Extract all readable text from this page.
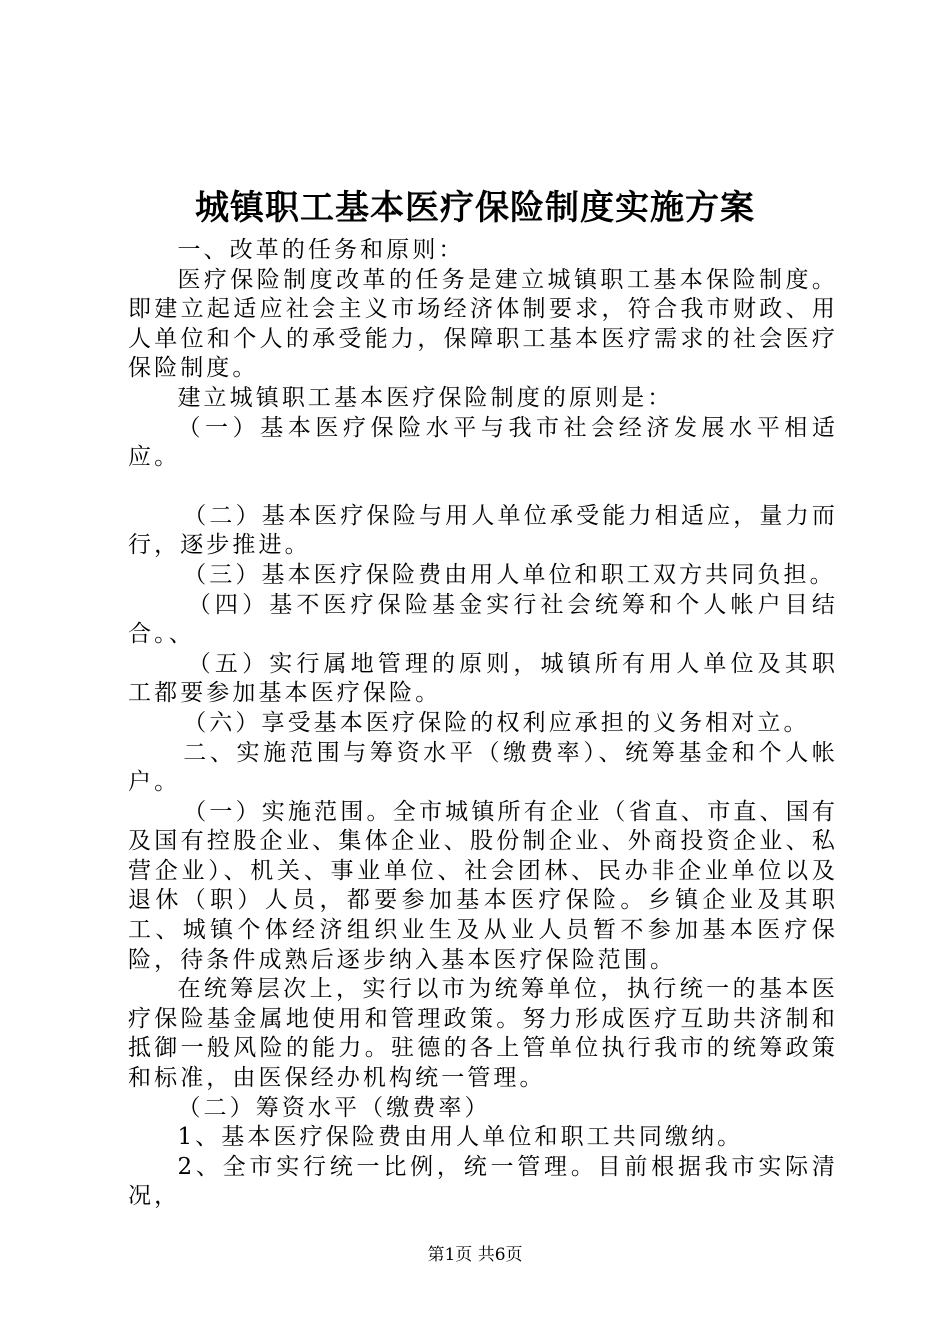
城镇职工基本医疗保险制度实施方案

一、改革的任务和原则：

医疗保险制度改革的任务是建立城镇职工基本保险制度。即建立起适应社会主义市场经济体制要求，符合我市财政、用人单位和个人的承受能力，保障职工基本医疗需求的社会医疗保险制度。

建立城镇职工基本医疗保险制度的原则是：

（一）基本医疗保险水平与我市社会经济发展水平相适应。

（二）基本医疗保险与用人单位承受能力相适应，量力而行，逐步推进。

（三）基本医疗保险费由用人单位和职工双方共同负担。

（四）基不医疗保险基金实行社会统筹和个人帐户目结合。、

（五）实行属地管理的原则，城镇所有用人单位及其职工都要参加基本医疗保险。

（六）享受基本医疗保险的权利应承担的义务相对立。

二、实施范围与筹资水平（缴费率）、统筹基金和个人帐户。

（一）实施范围。全市城镇所有企业（省直、市直、国有及国有控股企业、集体企业、股份制企业、外商投资企业、私营企业）、机关、事业单位、社会团林、民办非企业单位以及退休（职）人员，都要参加基本医疗保险。乡镇企业及其职工、城镇个体经济组织业生及从业人员暂不参加基本医疗保险，待条件成熟后逐步纳入基本医疗保险范围。

在统筹层次上，实行以市为统筹单位，执行统一的基本医疗保险基金属地使用和管理政策。努力形成医疗互助共济制和抵御一般风险的能力。驻德的各上管单位执行我市的统筹政策和标准，由医保经办机构统一管理。

（二）筹资水平（缴费率）

1、基本医疗保险费由用人单位和职工共同缴纳。

2、全市实行统一比例，统一管理。目前根据我市实际清况，

第1页 共6页
